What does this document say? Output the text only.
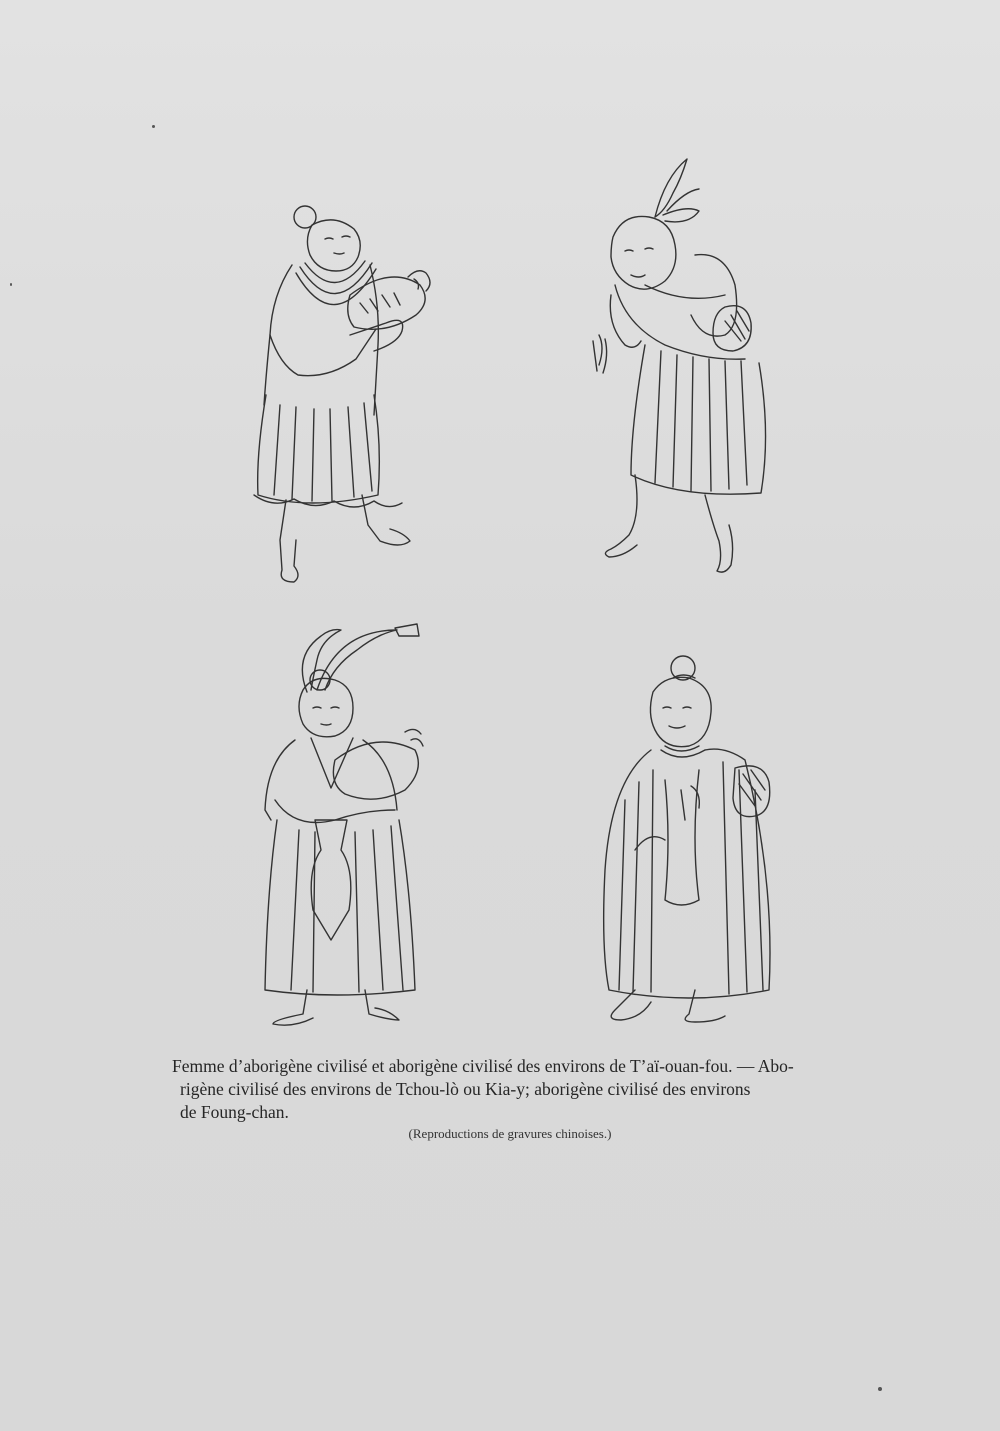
Femme d’aborigène civilisé et aborigène civilisé des environs de T’aï-ouan-fou. — Abo-

rigène civilisé des environs de Tchou-lò ou Kia-y; aborigène civilisé des environs

de Foung-chan.

(Reproductions de gravures chinoises.)
